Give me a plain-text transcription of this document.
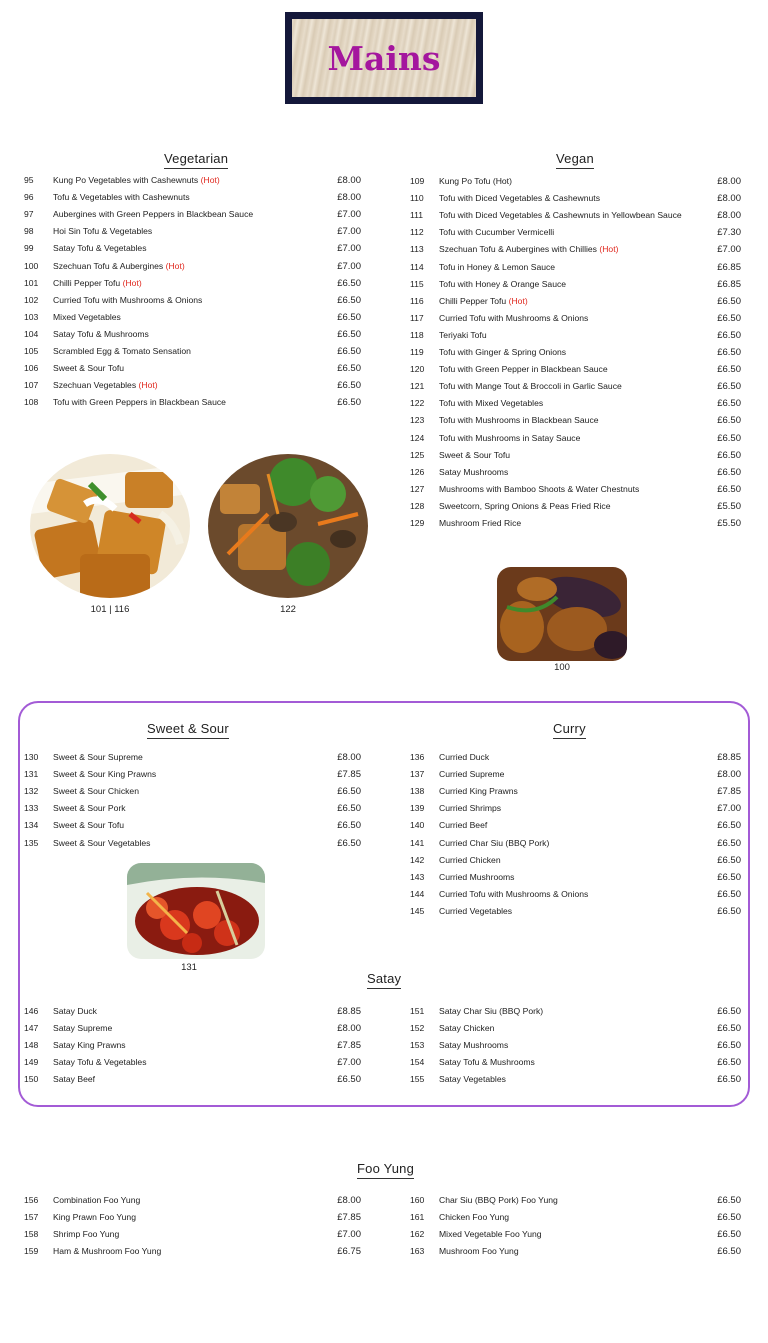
Mains
Vegetarian	Vegan
95 Kung Po Vegetables with Cashewnuts (Hot)	£8.00
96 Tofu & Vegetables with Cashewnuts	£8.00
97 Aubergines with Green Peppers in Blackbean Sauce	£7.00
98 Hoi Sin Tofu & Vegetables	£7.00
99 Satay Tofu & Vegetables	£7.00
100 Szechuan Tofu & Aubergines (Hot)	£7.00
101 Chilli Pepper Tofu (Hot)	£6.50
102 Curried Tofu with Mushrooms & Onions	£6.50
103 Mixed Vegetables	£6.50
104 Satay Tofu & Mushrooms	£6.50
105 Scrambled Egg & Tomato Sensation	£6.50
106 Sweet & Sour Tofu	£6.50
107 Szechuan Vegetables (Hot)	£6.50
108 Tofu with Green Peppers in Blackbean Sauce	£6.50
109 Kung Po Tofu (Hot)	£8.00
110 Tofu with Diced Vegetables & Cashewnuts	£8.00
111 Tofu with Diced Vegetables & Cashewnuts in Yellowbean Sauce	£8.00
112 Tofu with Cucumber Vermicelli	£7.30
113 Szechuan Tofu & Aubergines with Chillies (Hot)	£7.00
114 Tofu in Honey & Lemon Sauce	£6.85
115 Tofu with Honey & Orange Sauce	£6.85
116 Chilli Pepper Tofu (Hot)	£6.50
117 Curried Tofu with Mushrooms & Onions	£6.50
118 Teriyaki Tofu	£6.50
119 Tofu with Ginger & Spring Onions	£6.50
120 Tofu with Green Pepper in Blackbean Sauce	£6.50
121 Tofu with Mange Tout & Broccoli in Garlic Sauce	£6.50
122 Tofu with Mixed Vegetables	£6.50
123 Tofu with Mushrooms in Blackbean Sauce	£6.50
124 Tofu with Mushrooms in Satay Sauce	£6.50
125 Sweet & Sour Tofu	£6.50
126 Satay Mushrooms	£6.50
127 Mushrooms with Bamboo Shoots & Water Chestnuts	£6.50
128 Sweetcorn, Spring Onions & Peas Fried Rice	£5.50
129 Mushroom Fried Rice	£5.50
101 | 116	122
100
Sweet & Sour	Curry
130 Sweet & Sour Supreme	£8.00
131 Sweet & Sour King Prawns	£7.85
132 Sweet & Sour Chicken	£6.50
133 Sweet & Sour Pork	£6.50
134 Sweet & Sour Tofu	£6.50
135 Sweet & Sour Vegetables	£6.50
136 Curried Duck	£8.85
137 Curried Supreme	£8.00
138 Curried King Prawns	£7.85
139 Curried Shrimps	£7.00
140 Curried Beef	£6.50
141 Curried Char Siu (BBQ Pork)	£6.50
142 Curried Chicken	£6.50
143 Curried Mushrooms	£6.50
144 Curried Tofu with Mushrooms & Onions	£6.50
145 Curried Vegetables	£6.50
131
Satay
146 Satay Duck	£8.85
147 Satay Supreme	£8.00
148 Satay King Prawns	£7.85
149 Satay Tofu & Vegetables	£7.00
150 Satay Beef	£6.50
151 Satay Char Siu (BBQ Pork)	£6.50
152 Satay Chicken	£6.50
153 Satay Mushrooms	£6.50
154 Satay Tofu & Mushrooms	£6.50
155 Satay Vegetables	£6.50
Foo Yung
156 Combination Foo Yung	£8.00
157 King Prawn Foo Yung	£7.85
158 Shrimp Foo Yung	£7.00
159 Ham & Mushroom Foo Yung	£6.75
160 Char Siu (BBQ Pork) Foo Yung	£6.50
161 Chicken Foo Yung	£6.50
162 Mixed Vegetable Foo Yung	£6.50
163 Mushroom Foo Yung	£6.50
